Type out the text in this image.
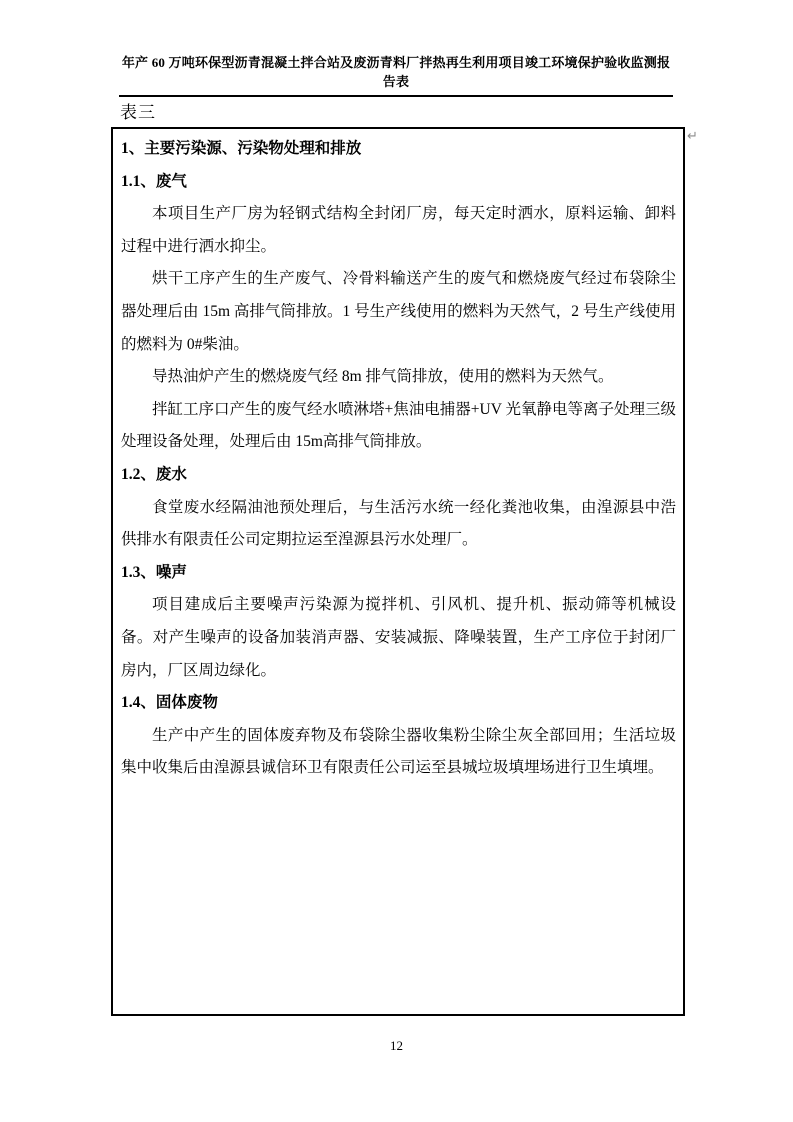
年产 60 万吨环保型沥青混凝土拌合站及废沥青料厂拌热再生利用项目竣工环境保护验收监测报告表
表三
↵
1、主要污染源、污染物处理和排放
1.1、废气

本项目生产厂房为轻钢式结构全封闭厂房，每天定时洒水，原料运输、卸料过程中进行洒水抑尘。

烘干工序产生的生产废气、冷骨料输送产生的废气和燃烧废气经过布袋除尘器处理后由 15m 高排气筒排放。1 号生产线使用的燃料为天然气，2 号生产线使用的燃料为 0#柴油。

导热油炉产生的燃烧废气经 8m 排气筒排放，使用的燃料为天然气。

拌缸工序口产生的废气经水喷淋塔+焦油电捕器+UV 光氧静电等离子处理三级处理设备处理，处理后由 15m高排气筒排放。

1.2、废水

食堂废水经隔油池预处理后，与生活污水统一经化粪池收集，由湟源县中浩供排水有限责任公司定期拉运至湟源县污水处理厂。

1.3、噪声

项目建成后主要噪声污染源为搅拌机、引风机、提升机、振动筛等机械设备。对产生噪声的设备加装消声器、安装减振、降噪装置，生产工序位于封闭厂房内，厂区周边绿化。

1.4、固体废物

生产中产生的固体废弃物及布袋除尘器收集粉尘除尘灰全部回用；生活垃圾集中收集后由湟源县诚信环卫有限责任公司运至县城垃圾填埋场进行卫生填埋。

12
